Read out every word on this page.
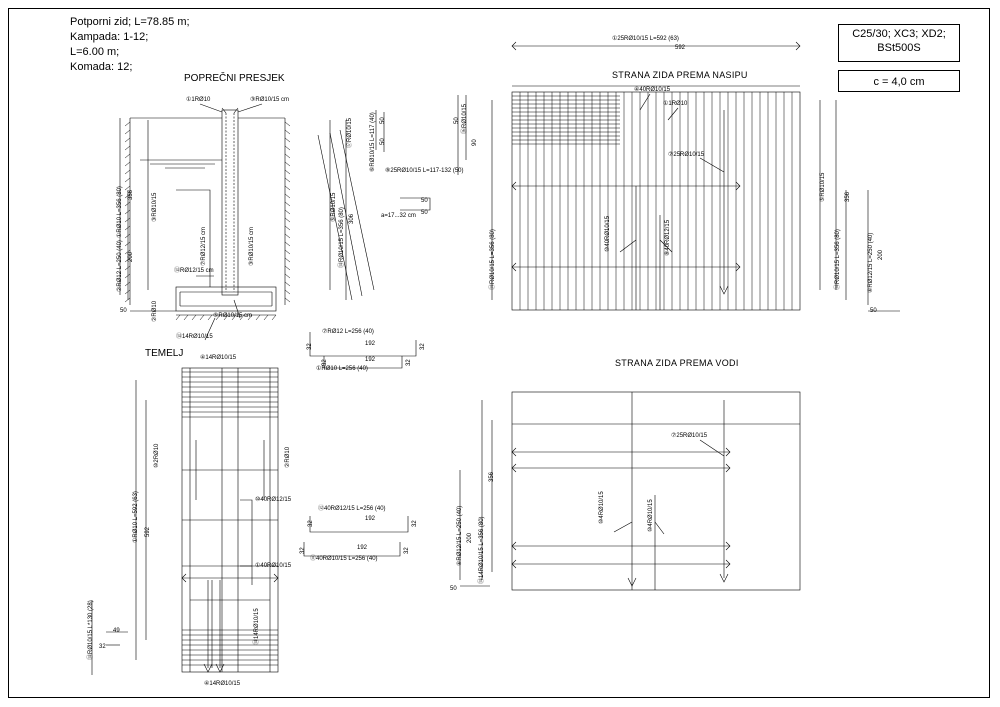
Potporni zid; L=78.85 m;
Kampada: 1-12;
L=6.00 m;
Komada: 12;
C25/30; XC3; XD2;
BSt500S
c = 4,0 cm
POPREČNI PRESJEK
TEMELJ
STRANA ZIDA PREMA NASIPU
STRANA ZIDA PREMA VODI
①1RØ10	③RØ10/15 cm
⑤RØ10/15 cm
⑭RØ12/15 cm
⑭14RØ10/15
②RØ10
⑦RØ12/15 cm	③RØ10/15 cm
②RØ12 L=250 (40) 200
①RØ10 L=356 (80) 356	③RØ10/15	⑤RØ10/15
50
⑥RØ10/15 L=117 (40)
a=17...32 cm
⑧25RØ10/15 L=117-132 (50)
⑰RØ10/15
50
50
50
50
⑭RØ10/15 L=356 (80) 306
⑯RØ10/15
90
50
⑦RØ12 L=256 (40)
192
32	32
192
①RØ10 L=256 (40)
32	32
④14RØ10/15
④14RØ10/15
⑩2RØ10	②RØ10
⑩40RØ12/15
①40RØ10/15
①RØ10 L=592 (63) 592
⑭14RØ10/15
⑭RØ10/15 L*130 (28)	49
32
⑫40RØ12/15 L=256 (40)
192
32	32
192
⑪40RØ10/15 L=256 (40)
32	32
①25RØ10/15 L=592 (63)
592
④40RØ10/15
①1RØ10
⑦25RØ10/15
⑩40RØ10/15	⑧40RØ12/15
⑭RØ10/15 L=356 (80)	⑭RØ10/15 L=356 (80)
356
⑤RØ10/15
④RØ12/15 L=250 (40) 200
50
⑦25RØ10/15
⑩4RØ10/15	⑩4RØ10/15
⑭14RØ10/15 L=356 (80)
356
④RØ12/15 L=250 (40) 200
50
